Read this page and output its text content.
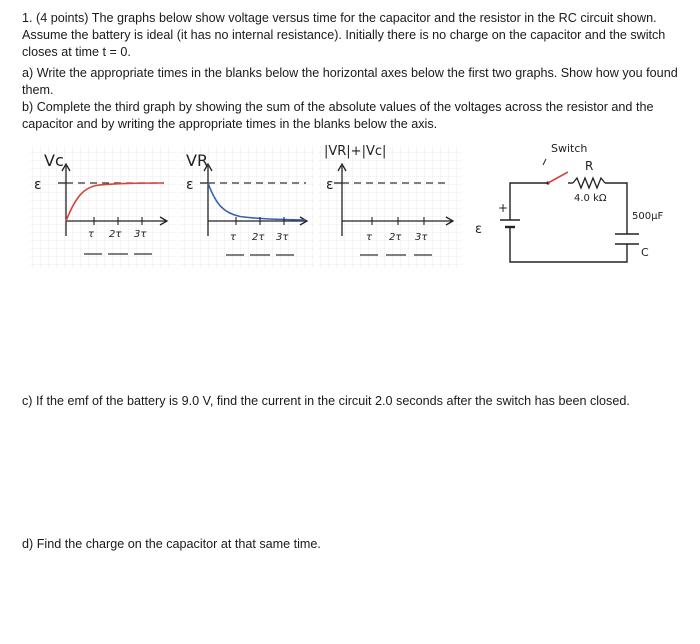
1. (4 points) The graphs below show voltage versus time for the capacitor and the resistor in the RC circuit shown. Assume the battery is ideal (it has no internal resistance). Initially there is no charge on the capacitor and the switch closes at time t = 0.
a) Write the appropriate times in the blanks below the horizontal axes below the first two graphs. Show how you found them.
b) Complete the third graph by showing the sum of the absolute values of the voltages across the resistor and the capacitor and by writing the appropriate times in the blanks below the axis.
c) If the emf of the battery is 9.0 V, find the current in the circuit 2.0 seconds after the switch has been closed.
d) Find the charge on the capacitor at that same time.
Vc
ε
τ 2τ 3τ
VR
ε
τ 2τ 3τ
|VR|+|Vc|
ε
τ 2τ 3τ
ε
+
Switch
R
4.0 kΩ
500μF
C
